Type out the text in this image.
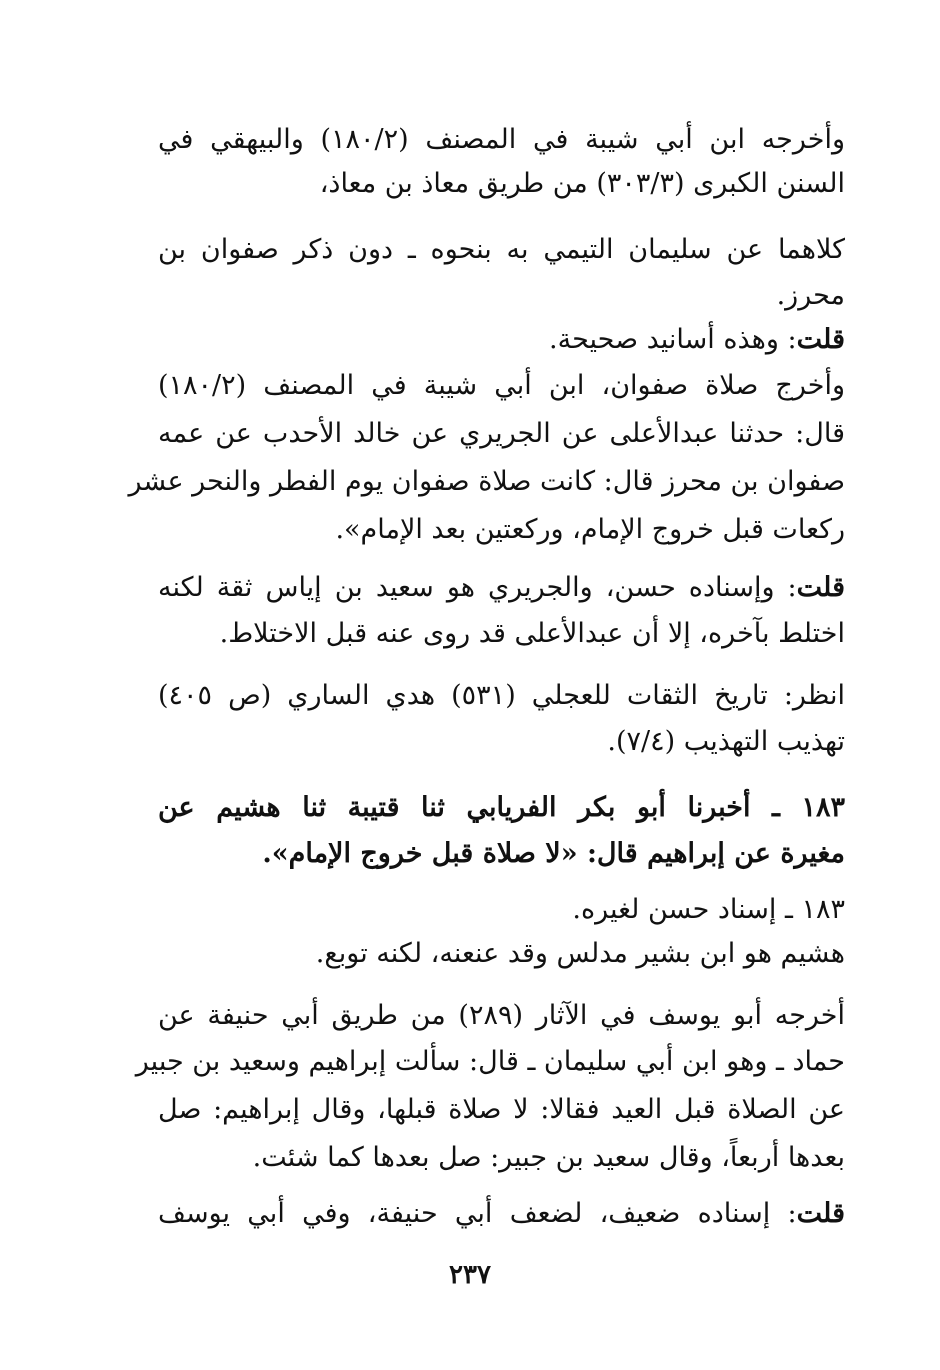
وأخرجه ابن أبي شيبة في المصنف (١٨٠/٢) والبيهقي في
السنن الكبرى (٣٠٣/٣) من طريق معاذ بن معاذ،
كلاهما عن سليمان التيمي به بنحوه ـ دون ذكر صفوان بن
محرز.
قلت: وهذه أسانيد صحيحة.
وأخرج صلاة صفوان، ابن أبي شيبة في المصنف (١٨٠/٢)
قال: حدثنا عبدالأعلى عن الجريري عن خالد الأحدب عن عمه
صفوان بن محرز قال: كانت صلاة صفوان يوم الفطر والنحر عشر
ركعات قبل خروج الإمام، وركعتين بعد الإمام».
قلت: وإسناده حسن، والجريري هو سعيد بن إياس ثقة لكنه
اختلط بآخره، إلا أن عبدالأعلى قد روى عنه قبل الاختلاط.
انظر: تاريخ الثقات للعجلي (٥٣١) هدي الساري (ص ٤٠٥)
تهذيب التهذيب (٧/٤).
١٨٣ ـ أخبرنا أبو بكر الفريابي ثنا قتيبة ثنا هشيم عن
مغيرة عن إبراهيم قال: «لا صلاة قبل خروج الإمام».
١٨٣ ـ إسناد حسن لغيره.
هشيم هو ابن بشير مدلس وقد عنعنه، لكنه توبع.
أخرجه أبو يوسف في الآثار (٢٨٩) من طريق أبي حنيفة عن
حماد ـ وهو ابن أبي سليمان ـ قال: سألت إبراهيم وسعيد بن جبير
عن الصلاة قبل العيد فقالا: لا صلاة قبلها، وقال إبراهيم: صل
بعدها أربعاً، وقال سعيد بن جبير: صل بعدها كما شئت.
قلت: إسناده ضعيف، لضعف أبي حنيفة، وفي أبي يوسف
٢٣٧
